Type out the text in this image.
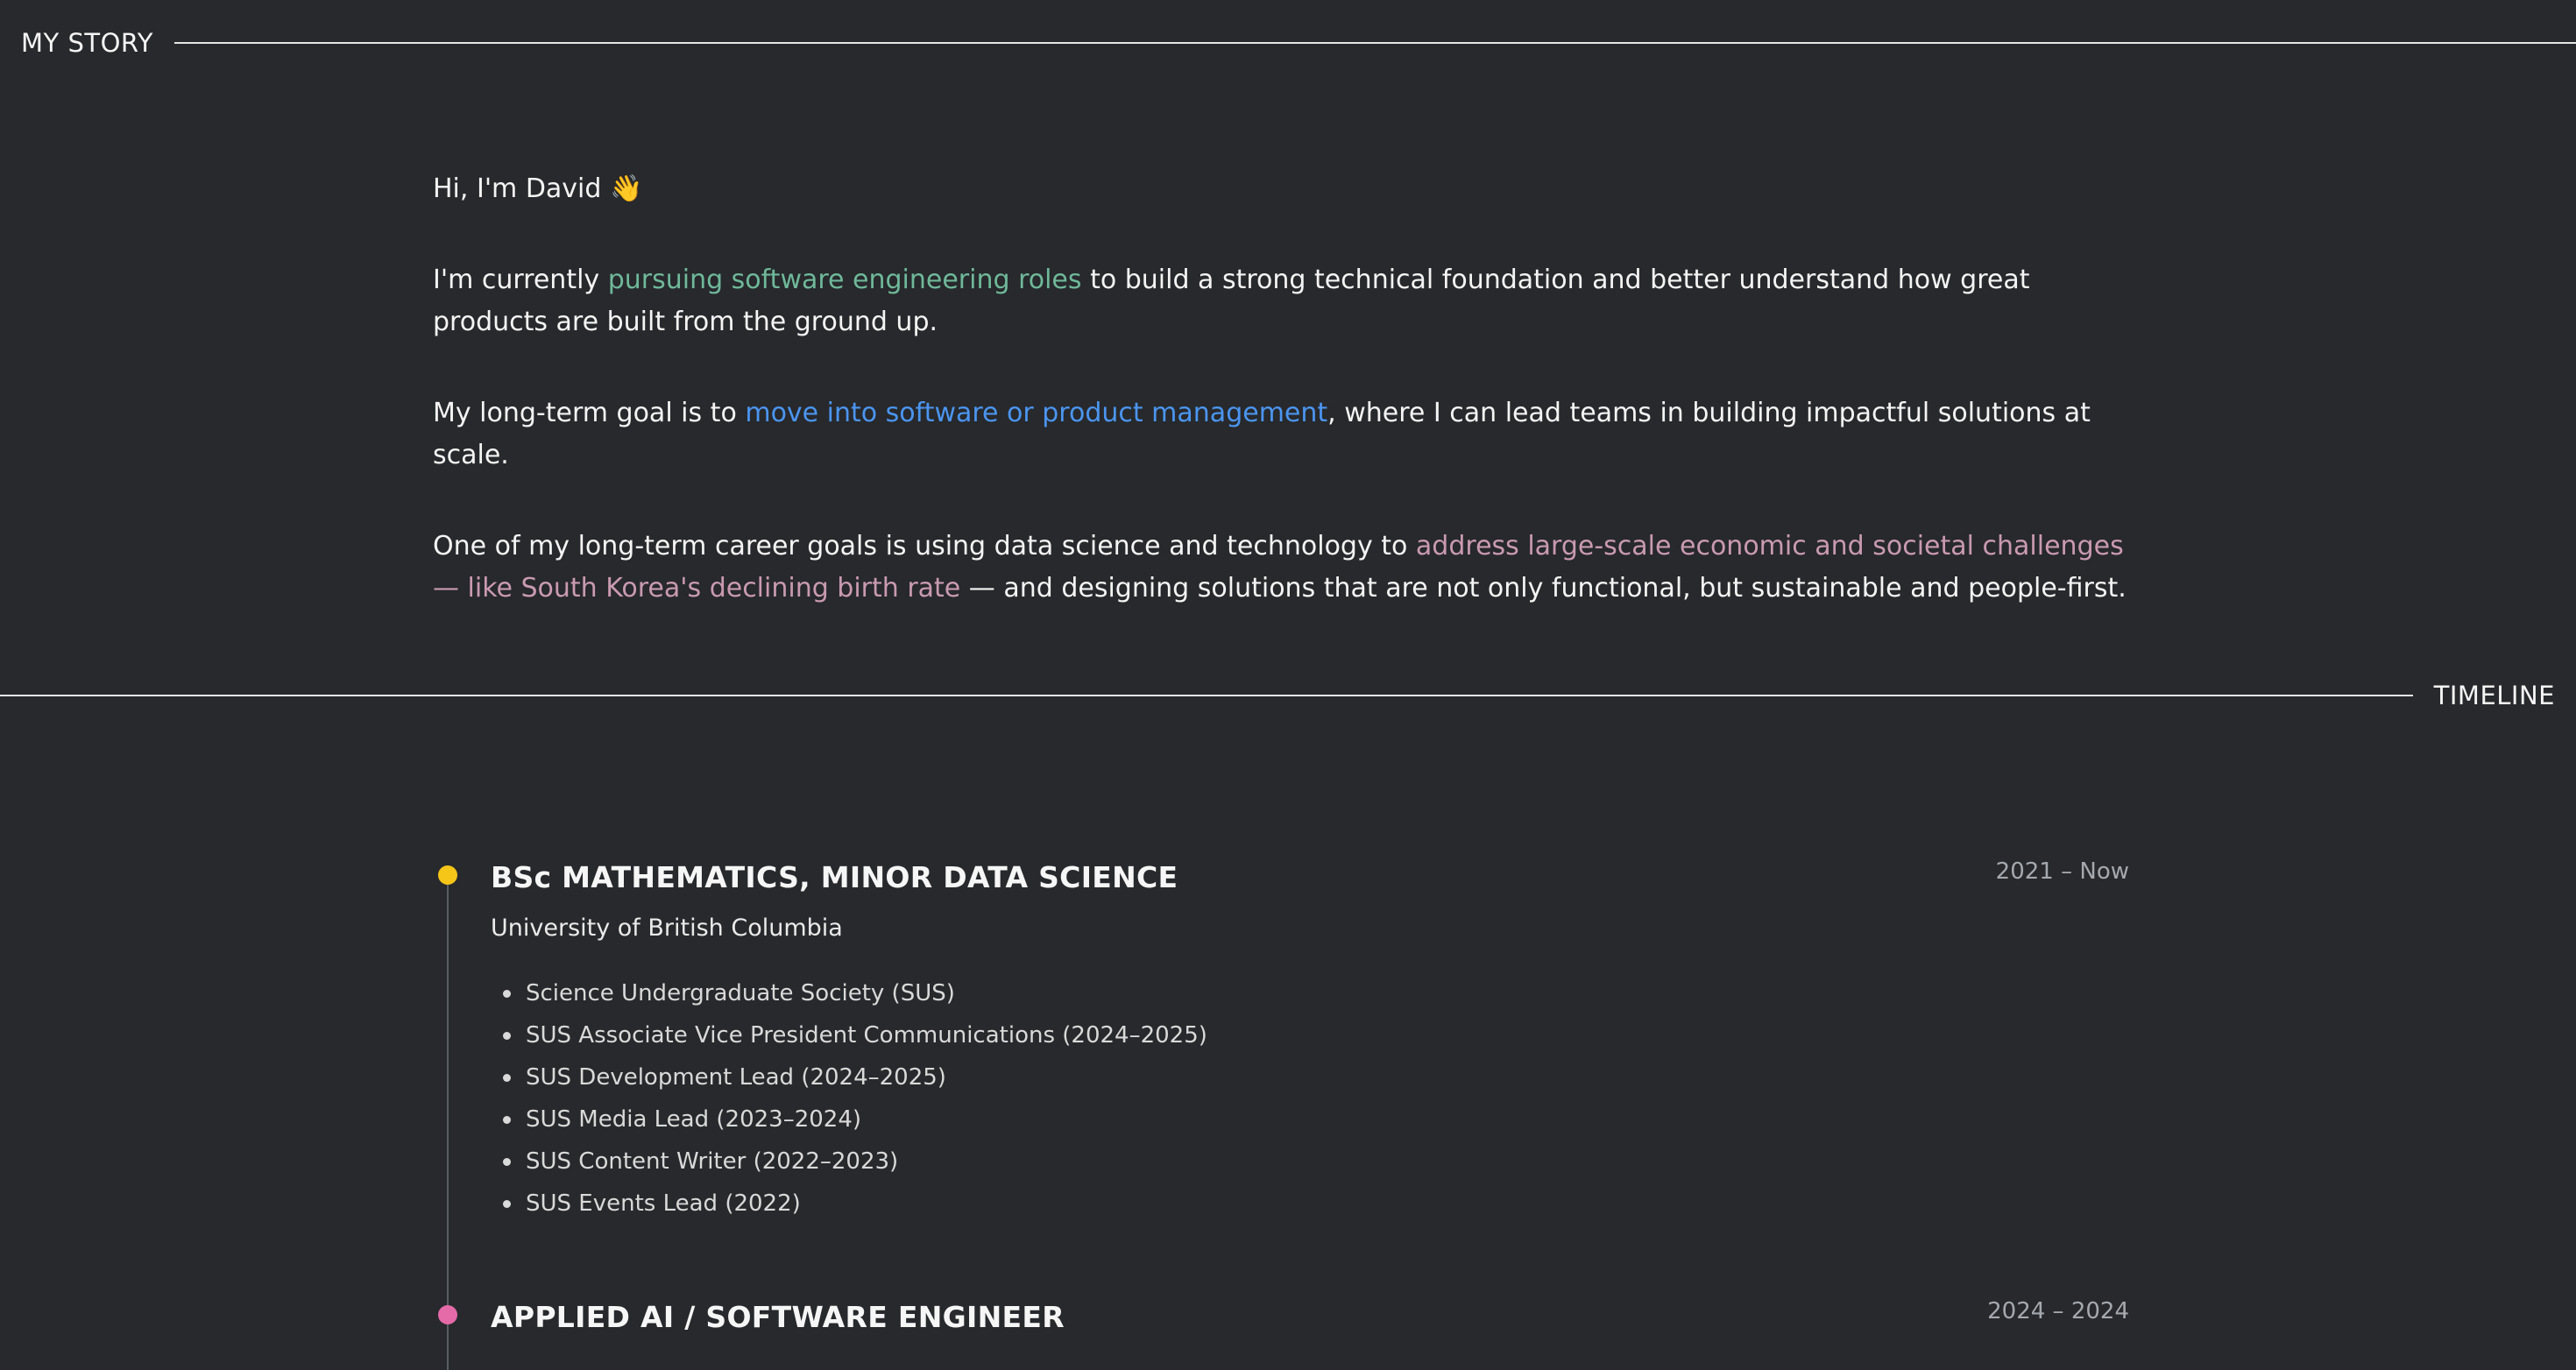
MY STORY

Hi, I'm David 👋

I'm currently pursuing software engineering roles to build a strong technical foundation and better understand how great products are built from the ground up.

My long-term goal is to move into software or product management, where I can lead teams in building impactful solutions at scale.

One of my long-term career goals is using data science and technology to address large-scale economic and societal challenges — like South Korea's declining birth rate — and designing solutions that are not only functional, but sustainable and people-first.

TIMELINE
BSc MATHEMATICS, MINOR DATA SCIENCE	2021 – Now
University of British Columbia
Science Undergraduate Society (SUS)
SUS Associate Vice President Communications (2024–2025)
SUS Development Lead (2024–2025)
SUS Media Lead (2023–2024)
SUS Content Writer (2022–2023)
SUS Events Lead (2022)
APPLIED AI / SOFTWARE ENGINEER	2024 – 2024
